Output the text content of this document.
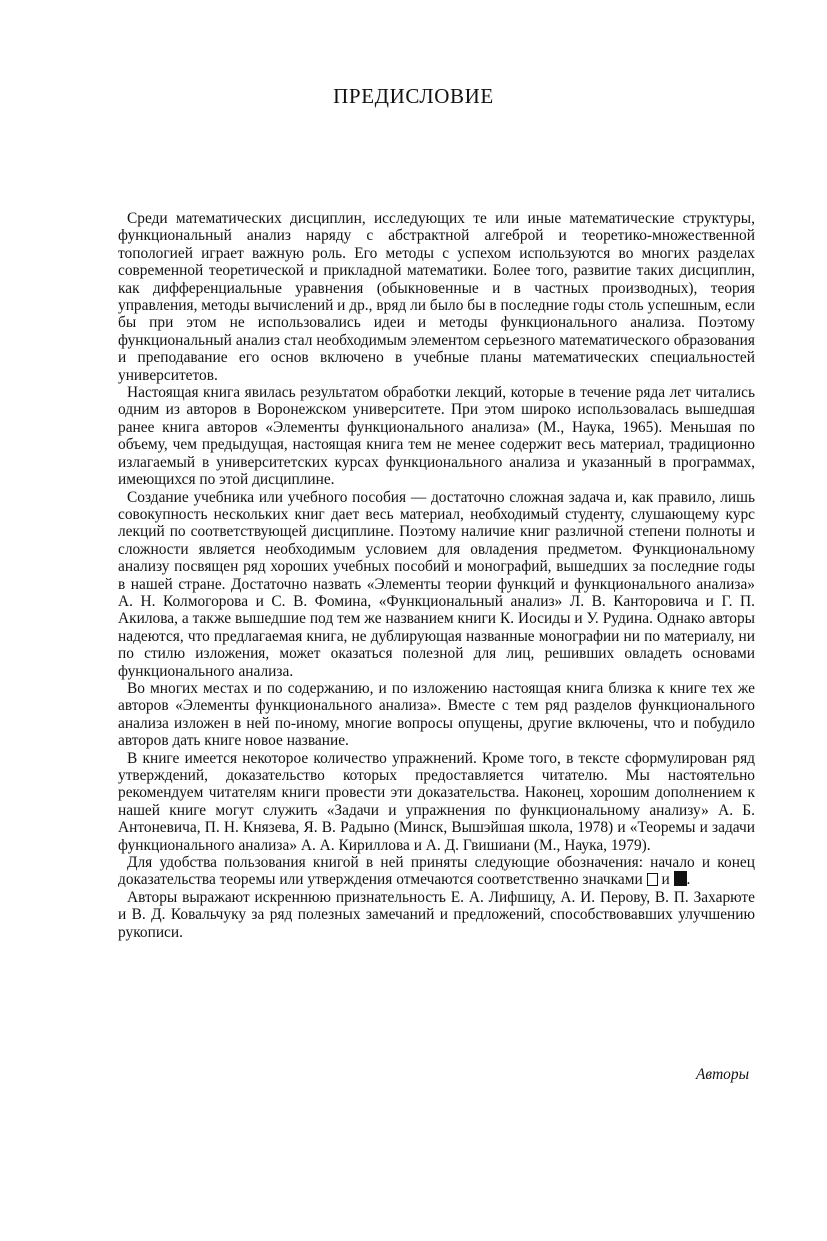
ПРЕДИСЛОВИЕ

Среди математических дисциплин, исследующих те или иные математические структуры, функциональный анализ наряду с абстрактной алгеброй и теоретико-множественной топологией играет важную роль. Его методы с успехом используются во многих разделах современной теоретической и прикладной математики. Более того, развитие таких дисциплин, как дифференциальные уравнения (обыкновенные и в частных производных), теория управления, методы вычислений и др., вряд ли было бы в последние годы столь успешным, если бы при этом не использовались идеи и методы функционального анализа. Поэтому функциональный анализ стал необходимым элементом серьезного математического образования и преподавание его основ включено в учебные планы математических специальностей университетов.

Настоящая книга явилась результатом обработки лекций, которые в течение ряда лет читались одним из авторов в Воронежском университете. При этом широко использовалась вышедшая ранее книга авторов «Элементы функционального анализа» (М., Наука, 1965). Меньшая по объему, чем предыдущая, настоящая книга тем не менее содержит весь материал, традиционно излагаемый в университетских курсах функционального анализа и указанный в программах, имеющихся по этой дисциплине.

Создание учебника или учебного пособия — достаточно сложная задача и, как правило, лишь совокупность нескольких книг дает весь материал, необходимый студенту, слушающему курс лекций по соответствующей дисциплине. Поэтому наличие книг различной степени полноты и сложности является необходимым условием для овладения предметом. Функциональному анализу посвящен ряд хороших учебных пособий и монографий, вышедших за последние годы в нашей стране. Достаточно назвать «Элементы теории функций и функционального анализа» А. Н. Колмогорова и С. В. Фомина, «Функциональный анализ» Л. В. Канторовича и Г. П. Акилова, а также вышедшие под тем же названием книги К. Иосиды и У. Рудина. Однако авторы надеются, что предлагаемая книга, не дублирующая названные монографии ни по материалу, ни по стилю изложения, может оказаться полезной для лиц, решивших овладеть основами функционального анализа.

Во многих местах и по содержанию, и по изложению настоящая книга близка к книге тех же авторов «Элементы функционального анализа». Вместе с тем ряд разделов функционального анализа изложен в ней по-иному, многие вопросы опущены, другие включены, что и побудило авторов дать книге новое название.

В книге имеется некоторое количество упражнений. Кроме того, в тексте сформулирован ряд утверждений, доказательство которых предоставляется читателю. Мы настоятельно рекомендуем читателям книги провести эти доказательства. Наконец, хорошим дополнением к нашей книге могут служить «Задачи и упражнения по функциональному анализу» А. Б. Антоневича, П. Н. Князева, Я. В. Радыно (Минск, Вышэйшая школа, 1978) и «Теоремы и задачи функционального анализа» А. А. Кириллова и А. Д. Гвишиани (М., Наука, 1979).

Для удобства пользования книгой в ней приняты следующие обозначения: начало и конец доказательства теоремы или утверждения отмечаются соответственно значками и .

Авторы выражают искреннюю признательность Е. А. Лифшицу, А. И. Перову, В. П. Захарюте и В. Д. Ковальчуку за ряд полезных замечаний и предложений, способствовавших улучшению рукописи.

Авторы
